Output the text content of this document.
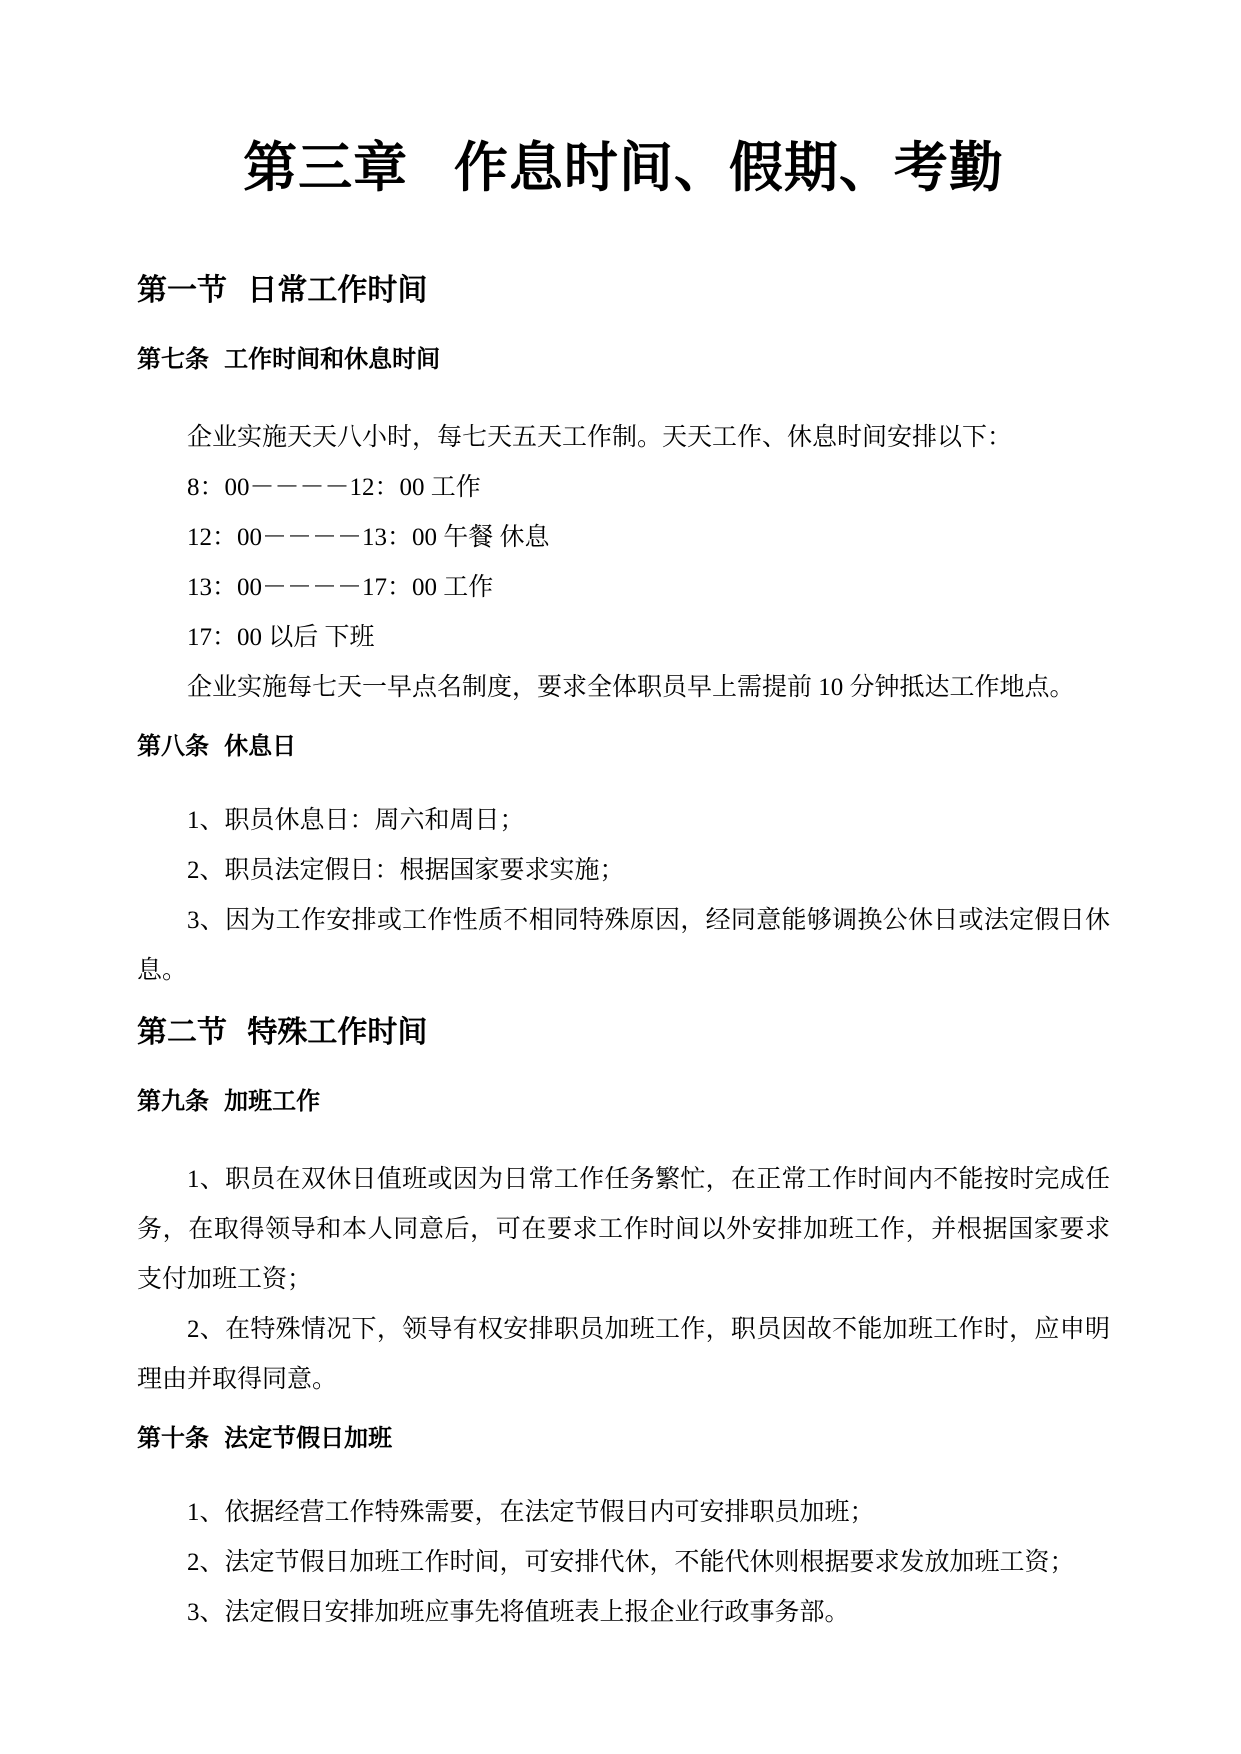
第三章 作息时间、假期、考勤
第一节 日常工作时间
第七条 工作时间和休息时间

企业实施天天八小时，每七天五天工作制。天天工作、休息时间安排以下：

8：00－－－－12：00 工作

12：00－－－－13：00 午餐 休息

13：00－－－－17：00 工作

17：00 以后 下班

企业实施每七天一早点名制度，要求全体职员早上需提前 10 分钟抵达工作地点。

第八条 休息日

1、职员休息日：周六和周日；

2、职员法定假日：根据国家要求实施；

3、因为工作安排或工作性质不相同特殊原因，经同意能够调换公休日或法定假日休息。

第二节 特殊工作时间
第九条 加班工作

1、职员在双休日值班或因为日常工作任务繁忙，在正常工作时间内不能按时完成任务，在取得领导和本人同意后，可在要求工作时间以外安排加班工作，并根据国家要求支付加班工资；

2、在特殊情况下，领导有权安排职员加班工作，职员因故不能加班工作时，应申明理由并取得同意。

第十条 法定节假日加班

1、依据经营工作特殊需要，在法定节假日内可安排职员加班；

2、法定节假日加班工作时间，可安排代休，不能代休则根据要求发放加班工资；

3、法定假日安排加班应事先将值班表上报企业行政事务部。
